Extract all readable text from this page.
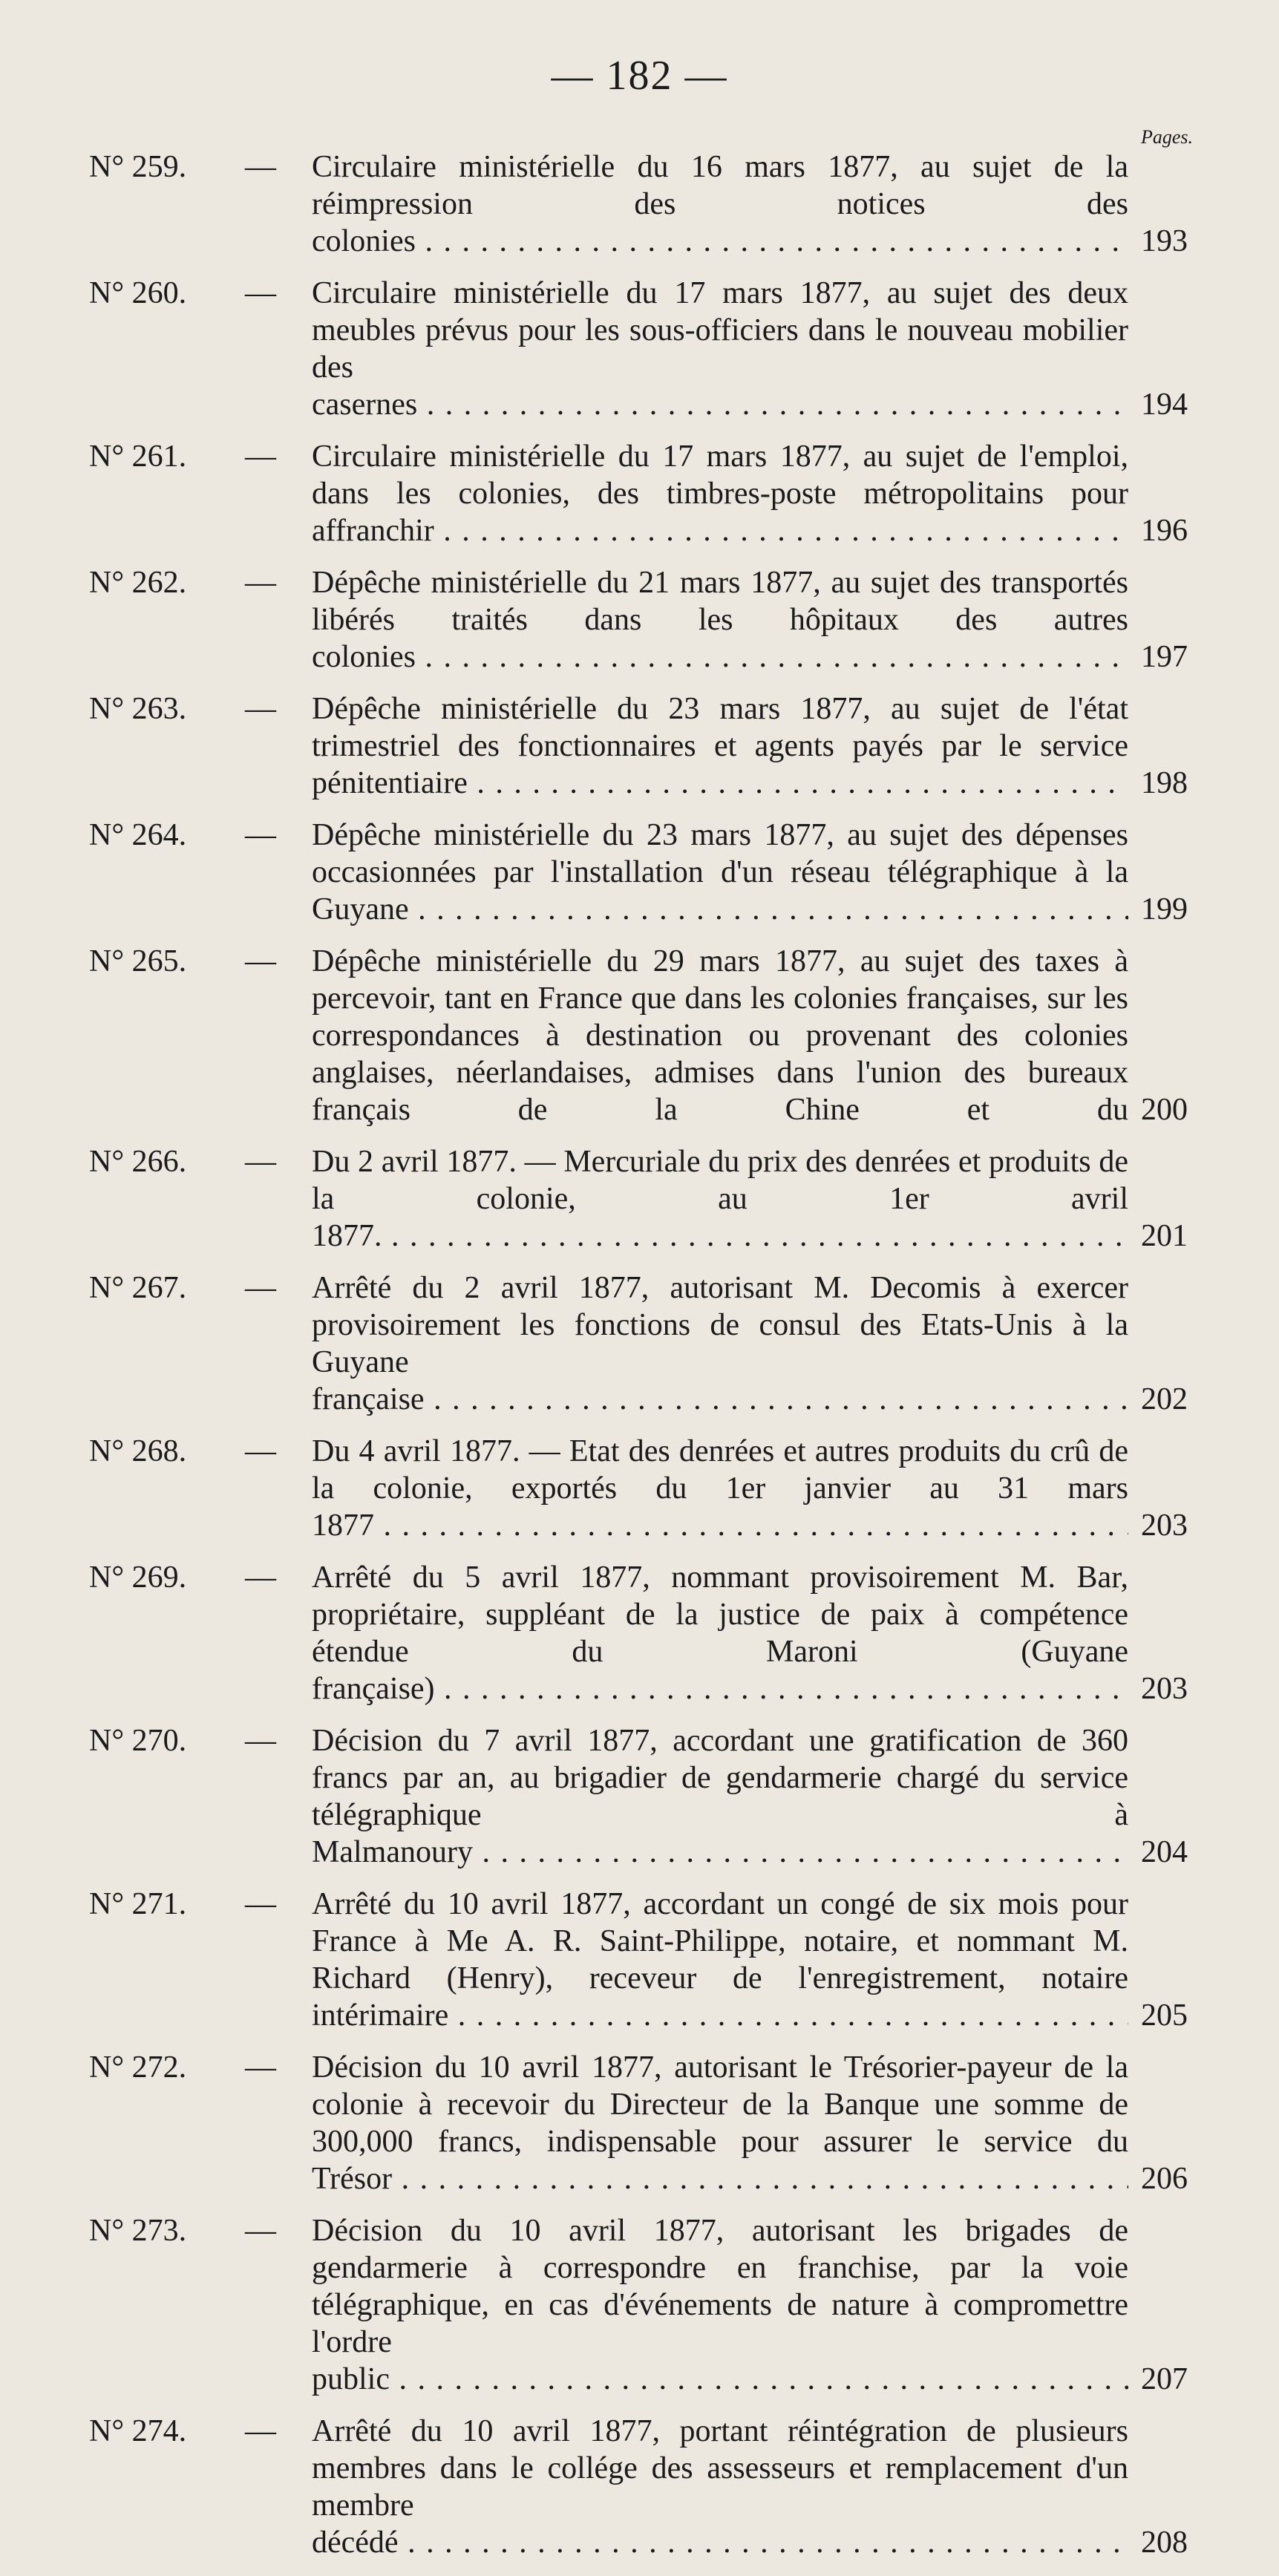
— 182 —
Pages.
N° 259.	— Circulaire ministérielle du 16 mars 1877, au sujet de la réimpression des notices des colonies . . .	193
N° 260.	— Circulaire ministérielle du 17 mars 1877, au sujet des deux meubles prévus pour les sous-officiers dans le nouveau mobilier des casernes . . .	194
N° 261.	— Circulaire ministérielle du 17 mars 1877, au sujet de l'emploi, dans les colonies, des timbres-poste métropolitains pour affranchir . . .	196
N° 262.	— Dépêche ministérielle du 21 mars 1877, au sujet des transportés libérés traités dans les hôpitaux des autres colonies . . .	197
N° 263.	— Dépêche ministérielle du 23 mars 1877, au sujet de l'état trimestriel des fonctionnaires et agents payés par le service pénitentiaire . . .	198
N° 264.	— Dépêche ministérielle du 23 mars 1877, au sujet des dépenses occasionnées par l'installation d'un réseau télégraphique à la Guyane . . .	199
N° 265.	— Dépêche ministérielle du 29 mars 1877, au sujet des taxes à percevoir, tant en France que dans les colonies françaises, sur les correspondances à destination ou provenant des colonies anglaises, néerlandaises, admises dans l'union des bureaux français de la Chine et du . . . 200
N° 266.	— Du 2 avril 1877. — Mercuriale du prix des denrées et produits de la colonie, au 1er avril 1877. . . .	201
N° 267.	— Arrêté du 2 avril 1877, autorisant M. Decomis à exercer provisoirement les fonctions de consul des Etats-Unis à la Guyane française . . .	202
N° 268.	— Du 4 avril 1877. — Etat des denrées et autres produits du crû de la colonie, exportés du 1er janvier au 31 mars 1877 . . .	203
N° 269.	— Arrêté du 5 avril 1877, nommant provisoirement M. Bar, propriétaire, suppléant de la justice de paix à compétence étendue du Maroni (Guyane française) . . .	203
N° 270.	— Décision du 7 avril 1877, accordant une gratification de 360 francs par an, au brigadier de gendarmerie chargé du service télégraphique à Malmanoury . . .	204
N° 271.	— Arrêté du 10 avril 1877, accordant un congé de six mois pour France à Me A. R. Saint-Philippe, notaire, et nommant M. Richard (Henry), receveur de l'enregistrement, notaire intérimaire . . .	205
N° 272.	— Décision du 10 avril 1877, autorisant le Trésorier-payeur de la colonie à recevoir du Directeur de la Banque une somme de 300,000 francs, indispensable pour assurer le service du Trésor . . .	206
N° 273.	— Décision du 10 avril 1877, autorisant les brigades de gendarmerie à correspondre en franchise, par la voie télégraphique, en cas d'événements de nature à compromettre l'ordre public . . .	207
N° 274.	— Arrêté du 10 avril 1877, portant réintégration de plusieurs membres dans le collége des assesseurs et remplacement d'un membre décédé . . .	208
